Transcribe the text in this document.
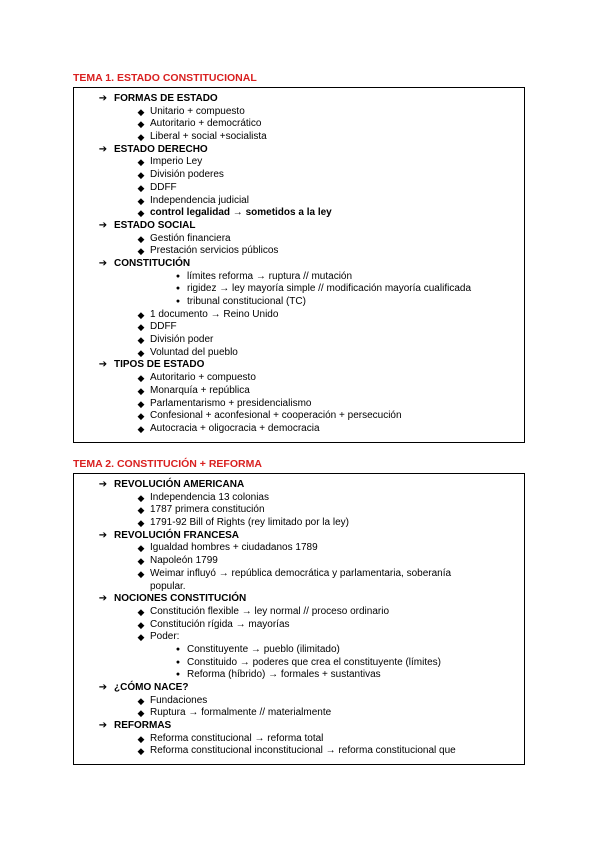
TEMA 1. ESTADO CONSTITUCIONAL
➔ FORMAS DE ESTADO
◆ Unitario + compuesto
◆ Autoritario + democrático
◆ Liberal + social +socialista
➔ ESTADO DERECHO
◆ Imperio Ley
◆ División poderes
◆ DDFF
◆ Independencia judicial
◆ control legalidad → sometidos a la ley
➔ ESTADO SOCIAL
◆ Gestión financiera
◆ Prestación servicios públicos
➔ CONSTITUCIÓN
● límites reforma → ruptura // mutación
● rigidez → ley mayoría simple // modificación mayoría cualificada
● tribunal constitucional (TC)
◆ 1 documento → Reino Unido
◆ DDFF
◆ División poder
◆ Voluntad del pueblo
➔ TIPOS DE ESTADO
◆ Autoritario + compuesto
◆ Monarquía + república
◆ Parlamentarismo + presidencialismo
◆ Confesional + aconfesional + cooperación + persecución
◆ Autocracia + oligocracia + democracia
TEMA 2. CONSTITUCIÓN + REFORMA
➔ REVOLUCIÓN AMERICANA
◆ Independencia 13 colonias
◆ 1787 primera constitución
◆ 1791-92 Bill of Rights (rey limitado por la ley)
➔ REVOLUCIÓN FRANCESA
◆ Igualdad hombres + ciudadanos 1789
◆ Napoleón 1799
◆ Weimar influyó → república democrática y parlamentaria, soberanía
popular.
➔ NOCIONES CONSTITUCIÓN
◆ Constitución flexible → ley normal // proceso ordinario
◆ Constitución rígida → mayorías
◆ Poder:
● Constituyente → pueblo (ilimitado)
● Constituido → poderes que crea el constituyente (límites)
● Reforma (híbrido) → formales + sustantivas
➔ ¿CÓMO NACE?
◆ Fundaciones
◆ Ruptura → formalmente // materialmente
➔ REFORMAS
◆ Reforma constitucional → reforma total
◆ Reforma constitucional inconstitucional → reforma constitucional que
